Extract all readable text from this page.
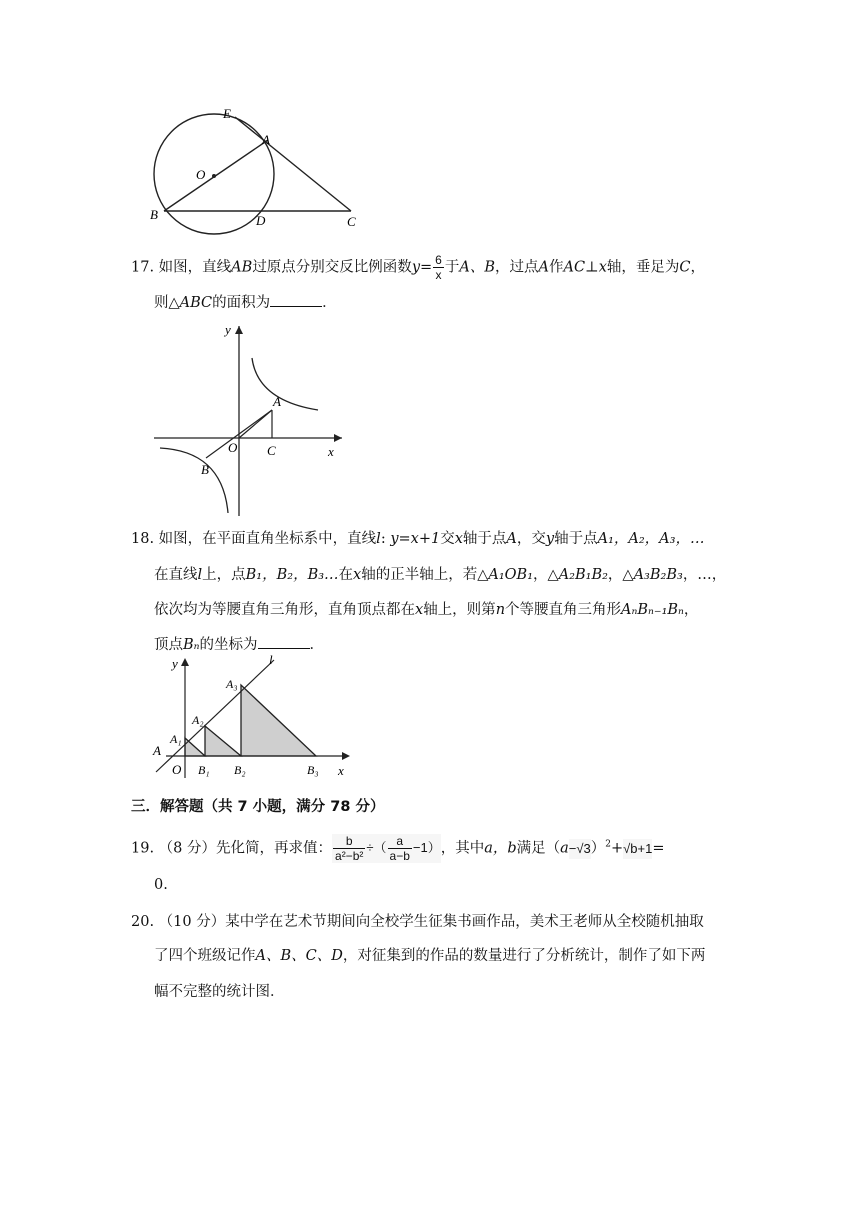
E
A
O
B	D	C
17. 如图，直线AB过原点分别交反比例函数$y= \frac{6}{x}$ 于A、B，过点A作AC⊥x轴，垂足为C，
则△ABC的面积为	．
y
A
O C	x
B
18. 如图，在平面直角坐标系中，直线l: y=x+1交x轴于点A，交y轴于点A₁，A₂，A₃，…
在直线l上，点B₁，B₂，B₃…在x轴的正半轴上，若△A₁OB₁，△A₂B₁B₂，△A₃B₂B₃，…，
依次均为等腰直角三角形，直角顶点都在x轴上，则第n个等腰直角三角形AₙBₙ₋₁Bₙ，
顶点Bₙ的坐标为	．
y	l
A₃
A₂
A₁
A
O B₁ B₂	B₃ x
三．解答题（共 7 小题，满分 78 分）
19. （8 分）先化简，再求值： $\frac{b}{\text{a²−b²}}$ ÷（ $\frac{a}{a-b} -1$），其中a，b满足$(a-√3)^2+√b+1=$
0.
20. （10 分）某中学在艺术节期间向全校学生征集书画作品，美术王老师从全校随机抽取
了四个班级记作A、B、C、D，对征集到的作品的数量进行了分析统计，制作了如下两
幅不完整的统计图．
